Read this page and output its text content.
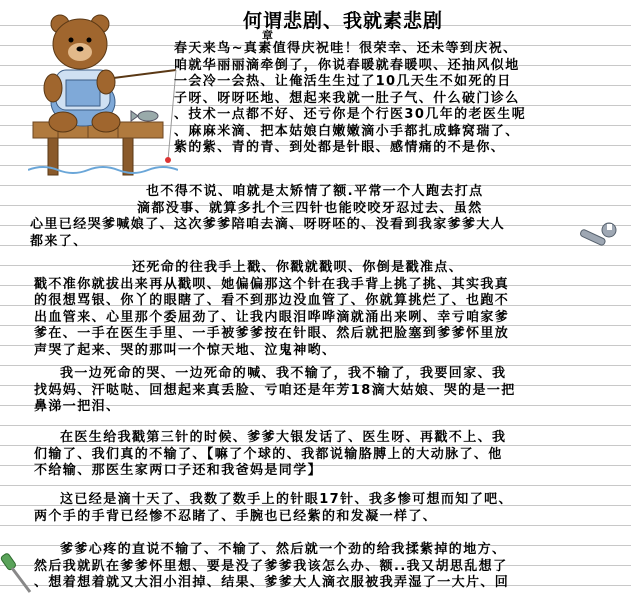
何谓悲剧、我就素悲剧
章

春天来鸟~真素值得庆祝哇！很荣幸、还未等到庆祝、
咱就华丽丽滴牵倒了，你说春暖就春暖呗、还抽风似地
一会冷一会热、让俺活生生过了10几天生不如死的日
子呀、呀呀呸地、想起来我就一肚子气、什么破门诊么
、技术一点都不好、还亏你是个行医30几年的老医生呢
、麻麻米滴、把本姑娘白嫩嫩滴小手都扎成蜂窝瑞了、
紫的紫、青的青、到处都是针眼、感情痛的不是你、

也不得不说、咱就是太矫情了额.平常一个人跑去打点
滴都没事、就算多扎个三四针也能咬咬牙忍过去、虽然
心里已经哭爹喊娘了、这次爹爹陪咱去滴、呀呀呸的、没看到我家爹爹大人
都来了、

还死命的往我手上戳、你戳就戳呗、你倒是戳准点、
戳不准你就拔出来再从戳呗、她偏偏那这个针在我手背上挑了挑、其实我真
的很想骂银、你丫的眼瞎了、看不到那边没血管了、你就算挑烂了、也跑不
出血管来、心里那个委屈劲了、让我内眼泪哗哗滴就涌出来咧、幸亏咱家爹
爹在、一手在医生手里、一手被爹爹按在针眼、然后就把脸塞到爹爹怀里放
声哭了起来、哭的那叫一个惊天地、泣鬼神哟、

我一边死命的哭、一边死命的喊、我不输了，我不输了，我要回家、我
找妈妈、汗哒哒、回想起来真丢脸、亏咱还是年芳18滴大姑娘、哭的是一把
鼻涕一把泪、

在医生给我戳第三针的时候、爹爹大银发话了、医生呀、再戳不上、我
们输了、我们真的不输了、【嘛了个球的、我都说输胳膊上的大动脉了、他
不给输、那医生家两口子还和我爸妈是同学】

这已经是滴十天了、我数了数手上的针眼17针、我多惨可想而知了吧、
两个手的手背已经惨不忍睹了、手腕也已经紫的和发凝一样了、

爹爹心疼的直说不输了、不输了、然后就一个劲的给我揉紫掉的地方、
然后我就趴在爹爹怀里想、要是没了爹爹我该怎么办、额..我又胡思乱想了
、想着想着就又大泪小泪掉、结果、爹爹大人滴衣服被我弄湿了一大片、回
